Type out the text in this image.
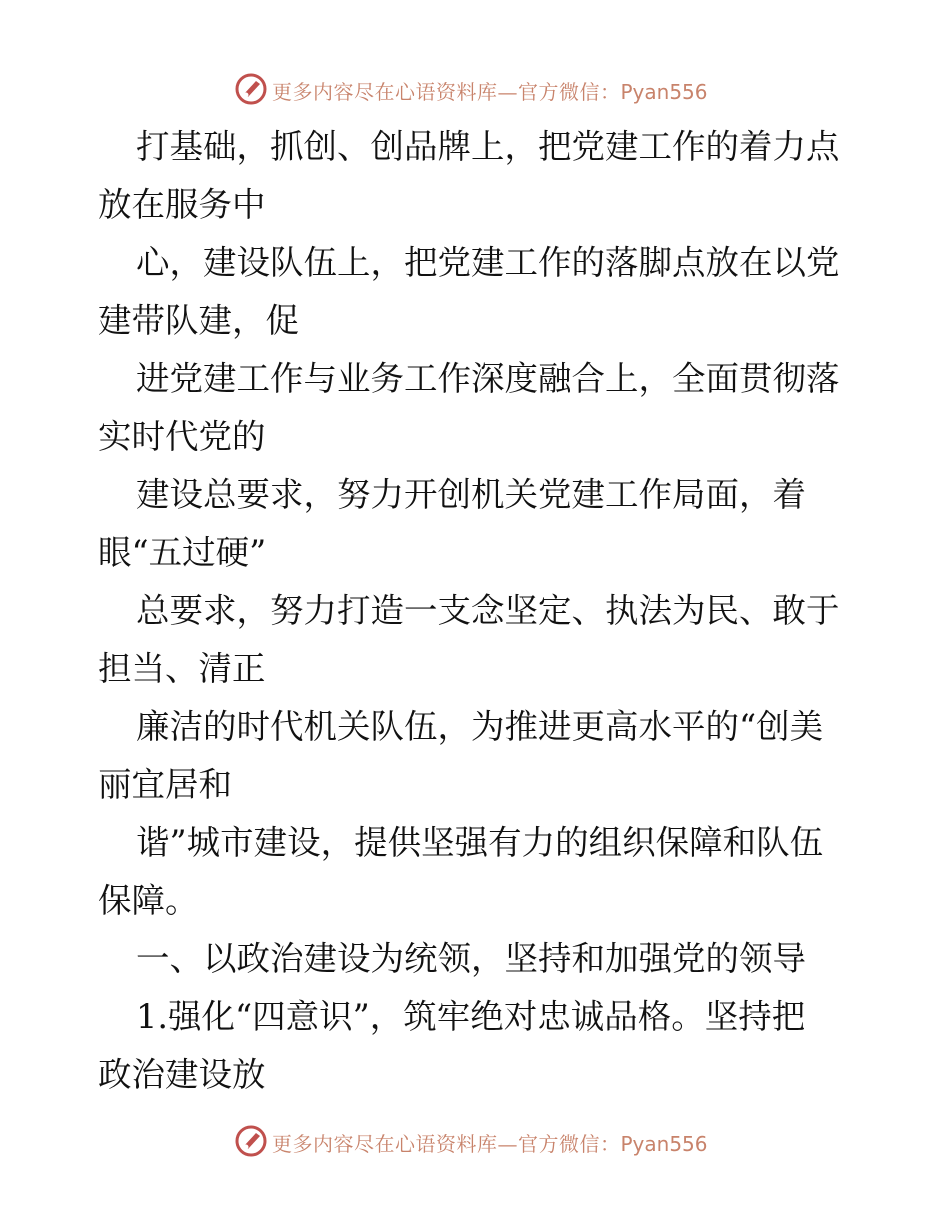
更多内容尽在心语资料库—官方微信：Pyan556

打基础，抓创、创品牌上，把党建工作的着力点
放在服务中

心，建设队伍上，把党建工作的落脚点放在以党
建带队建，促

进党建工作与业务工作深度融合上，全面贯彻落
实时代党的

建设总要求，努力开创机关党建工作局面，着
眼“五过硬”

总要求，努力打造一支念坚定、执法为民、敢于
担当、清正

廉洁的时代机关队伍，为推进更高水平的“创美
丽宜居和

谐”城市建设，提供坚强有力的组织保障和队伍
保障。

一、以政治建设为统领，坚持和加强党的领导

1.强化“四意识”，筑牢绝对忠诚品格。坚持把
政治建设放

更多内容尽在心语资料库—官方微信：Pyan556
